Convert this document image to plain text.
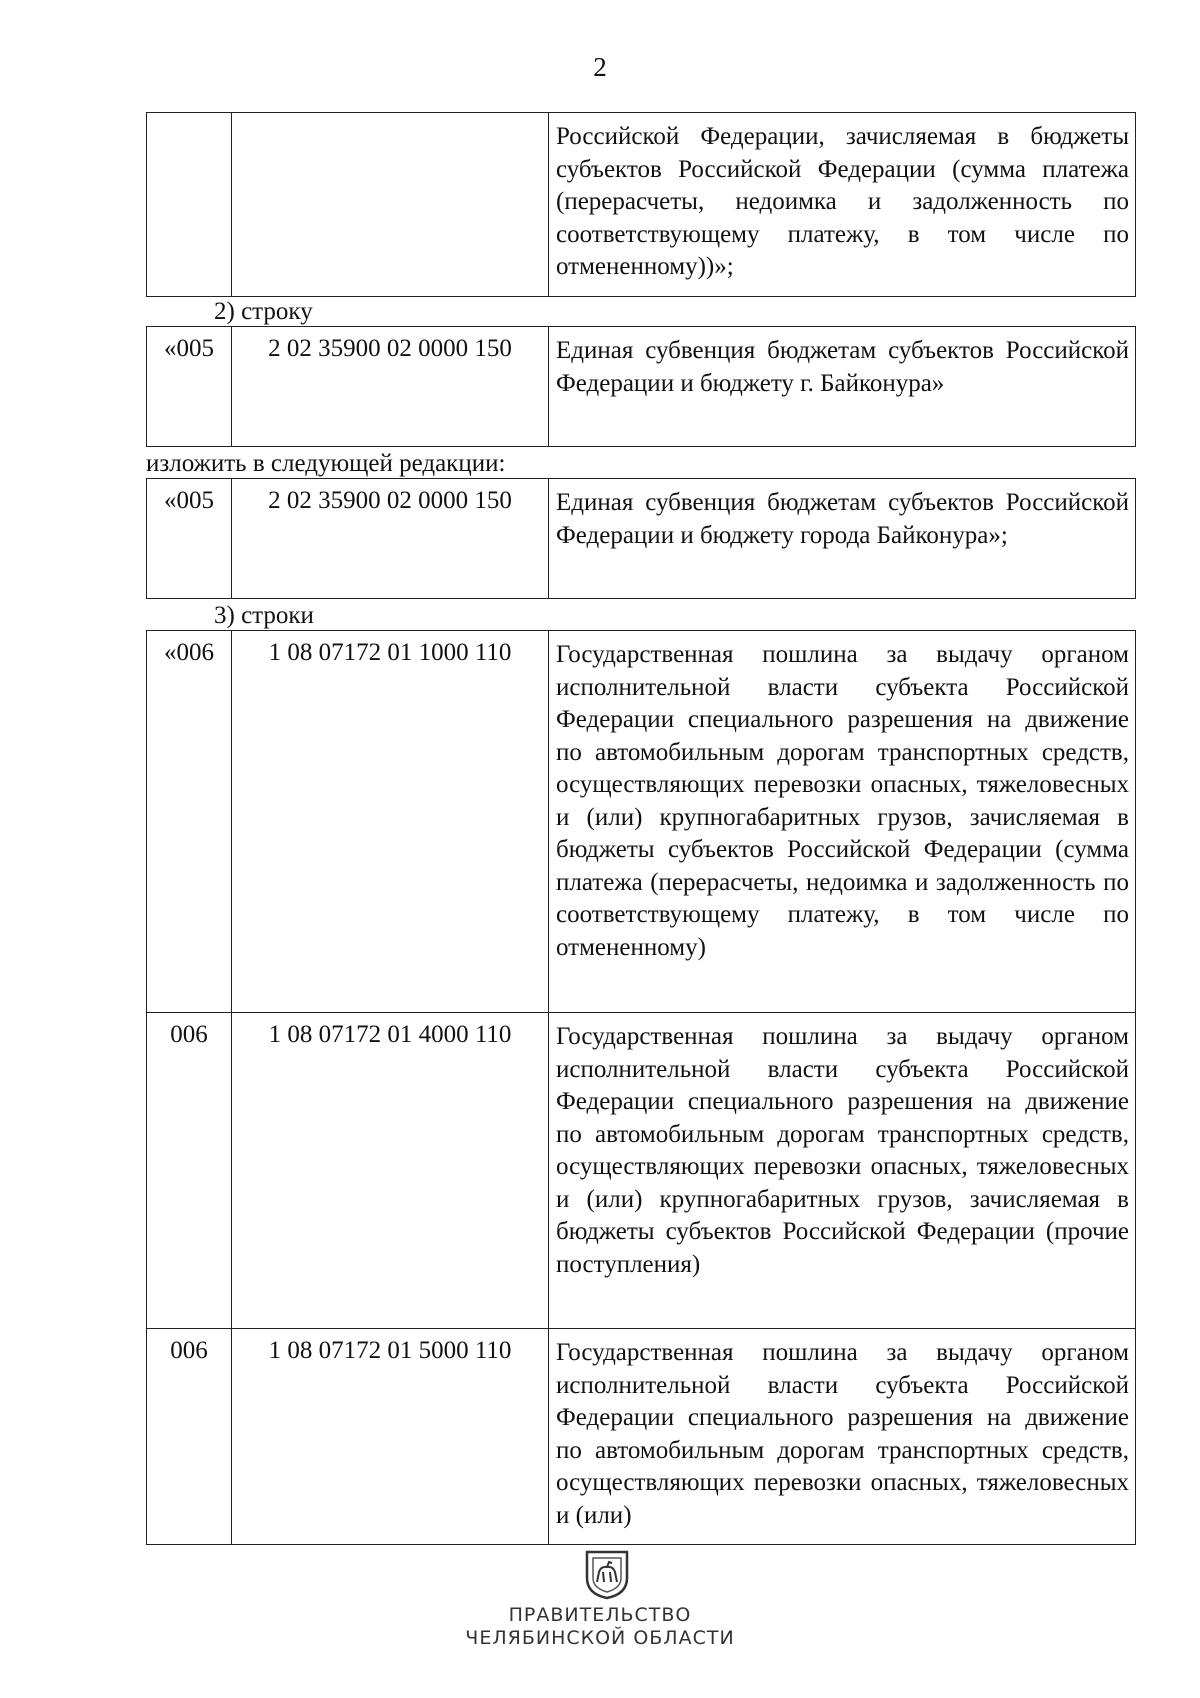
2
		Российской Федерации, зачисляемая в бюджеты субъектов Российской Федерации (сумма платежа (перерасчеты, недоимка и задолженность по соответствующему платежу, в том числе по отмененному))»;
2) строку
«005	2 02 35900 02 0000 150	Единая субвенция бюджетам субъектов Российской Федерации и бюджету г. Байконура»
изложить в следующей редакции:
«005	2 02 35900 02 0000 150	Единая субвенция бюджетам субъектов Российской Федерации и бюджету города Байконура»;
3) строки
«006	1 08 07172 01 1000 110	Государственная пошлина за выдачу органом исполнительной власти субъекта Российской Федерации специального разрешения на движение по автомобильным дорогам транспортных средств, осуществляющих перевозки опасных, тяжеловесных и (или) крупногабаритных грузов, зачисляемая в бюджеты субъектов Российской Федерации (сумма платежа (перерасчеты, недоимка и задолженность по соответствующему платежу, в том числе по отмененному)
006	1 08 07172 01 4000 110	Государственная пошлина за выдачу органом исполнительной власти субъекта Российской Федерации специального разрешения на движение по автомобильным дорогам транспортных средств, осуществляющих перевозки опасных, тяжеловесных и (или) крупногабаритных грузов, зачисляемая в бюджеты субъектов Российской Федерации (прочие поступления)
006	1 08 07172 01 5000 110	Государственная пошлина за выдачу органом исполнительной власти субъекта Российской Федерации специального разрешения на движение по автомобильным дорогам транспортных средств, осуществляющих перевозки опасных, тяжеловесных и (или)
ПРАВИТЕЛЬСТВО
ЧЕЛЯБИНСКОЙ ОБЛАСТИ
